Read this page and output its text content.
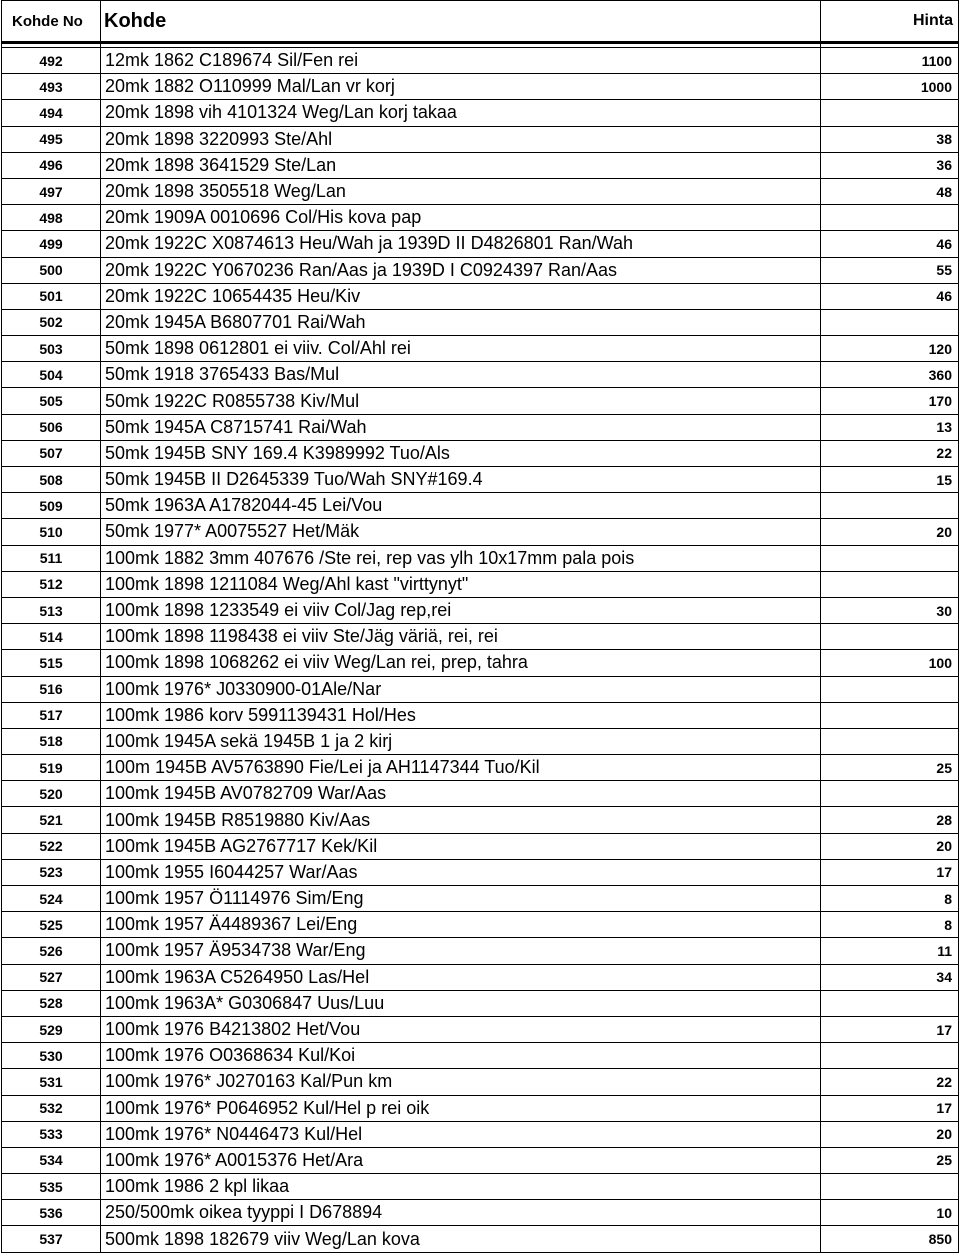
Kohde No	Kohde	Hinta

492	12mk 1862 C189674 Sil/Fen rei	1100
493	20mk 1882 O110999 Mal/Lan vr korj	1000
494	20mk 1898 vih 4101324 Weg/Lan korj takaa	
495	20mk 1898 3220993 Ste/Ahl	38
496	20mk 1898 3641529 Ste/Lan	36
497	20mk 1898 3505518 Weg/Lan	48
498	20mk 1909A 0010696 Col/His kova pap	
499	20mk 1922C X0874613 Heu/Wah ja 1939D II D4826801 Ran/Wah	46
500	20mk 1922C Y0670236 Ran/Aas ja 1939D I C0924397 Ran/Aas	55
501	20mk 1922C 10654435 Heu/Kiv	46
502	20mk 1945A B6807701 Rai/Wah	
503	50mk 1898 0612801 ei viiv. Col/Ahl rei	120
504	50mk 1918 3765433 Bas/Mul	360
505	50mk 1922C R0855738 Kiv/Mul	170
506	50mk 1945A C8715741 Rai/Wah	13
507	50mk 1945B SNY 169.4 K3989992 Tuo/Als	22
508	50mk 1945B II D2645339 Tuo/Wah SNY#169.4	15
509	50mk 1963A A1782044-45 Lei/Vou	
510	50mk 1977* A0075527 Het/Mäk	20
511	100mk 1882 3mm 407676 /Ste rei, rep vas ylh 10x17mm pala pois	
512	100mk 1898 1211084 Weg/Ahl kast "virttynyt"	
513	100mk 1898 1233549 ei viiv Col/Jag rep,rei	30
514	100mk 1898 1198438 ei viiv Ste/Jäg väriä, rei, rei	
515	100mk 1898 1068262 ei viiv Weg/Lan rei, prep, tahra	100
516	100mk 1976* J0330900-01Ale/Nar	
517	100mk 1986 korv 5991139431 Hol/Hes	
518	100mk 1945A sekä 1945B 1 ja 2 kirj	
519	100m 1945B AV5763890 Fie/Lei ja AH1147344 Tuo/Kil	25
520	100mk 1945B AV0782709 War/Aas	
521	100mk 1945B R8519880 Kiv/Aas	28
522	100mk 1945B AG2767717 Kek/Kil	20
523	100mk 1955 I6044257 War/Aas	17
524	100mk 1957 Ö1114976 Sim/Eng	8
525	100mk 1957 Ä4489367 Lei/Eng	8
526	100mk 1957 Ä9534738 War/Eng	11
527	100mk 1963A C5264950 Las/Hel	34
528	100mk 1963A* G0306847 Uus/Luu	
529	100mk 1976 B4213802 Het/Vou	17
530	100mk 1976 O0368634 Kul/Koi	
531	100mk 1976* J0270163 Kal/Pun km	22
532	100mk 1976* P0646952 Kul/Hel p rei oik	17
533	100mk 1976* N0446473 Kul/Hel	20
534	100mk 1976* A0015376 Het/Ara	25
535	100mk 1986 2 kpl likaa	
536	250/500mk oikea tyyppi I D678894	10
537	500mk 1898 182679 viiv Weg/Lan kova	850
